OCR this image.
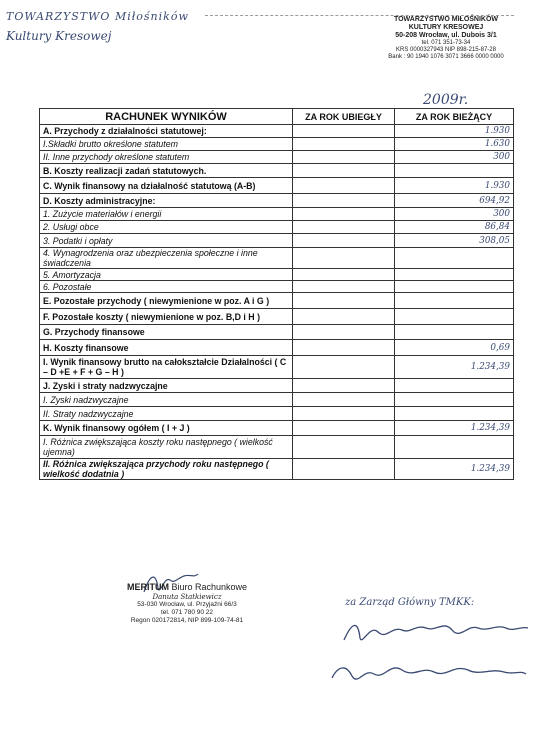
TOWARZYSTWO Miłośników
Kultury Kresowej
TOWARZYSTWO MIŁOŚNIKÓW
KULTURY KRESOWEJ
50-208 Wrocław, ul. Dubois 3/1
tel. 071 351-73-34
KRS 0000327943 NIP 898-215-87-28
Bank : 90 1940 1076 3071 3666 0000 0000
2009r.
RACHUNEK WYNIKÓW	ZA ROK UBIEGŁY	ZA ROK BIEŻĄCY
A. Przychody z działalności statutowej:		1.930
I.Składki brutto określone statutem		1.630
II. Inne przychody określone statutem		300
B. Koszty realizacji zadań statutowych.		
C. Wynik finansowy na działalność statutową (A-B)		1.930
D. Koszty administracyjne:		694,92
1. Zużycie materiałów i energii		300
2. Usługi obce		86,84
3. Podatki i opłaty		308,05
4. Wynagrodzenia oraz ubezpieczenia społeczne i inne świadczenia		
5. Amortyzacja		
6. Pozostałe		
E. Pozostałe przychody ( niewymienione w poz. A i G )		
F. Pozostałe koszty ( niewymienione w poz. B,D i H )		
G. Przychody finansowe		
H. Koszty finansowe		0,69
I. Wynik finansowy brutto na całokształcie Działalności ( C – D +E + F + G – H )		1.234,39
J. Zyski i straty nadzwyczajne		
I. Zyski nadzwyczajne		
II. Straty nadzwyczajne		
K. Wynik finansowy ogółem ( I + J )		1.234,39
I. Różnica zwiększająca koszty roku następnego ( wielkość ujemna)		
II. Różnica zwiększająca przychody roku następnego ( wielkość dodatnia )		1.234,39
MERITUM Biuro Rachunkowe
Danuta Statkiewicz
53-030 Wrocław, ul. Przyjaźni 66/3
tel. 071 780 90 22
Regon 020172814, NIP 899-109-74-81
za Zarząd Główny TMKK:
